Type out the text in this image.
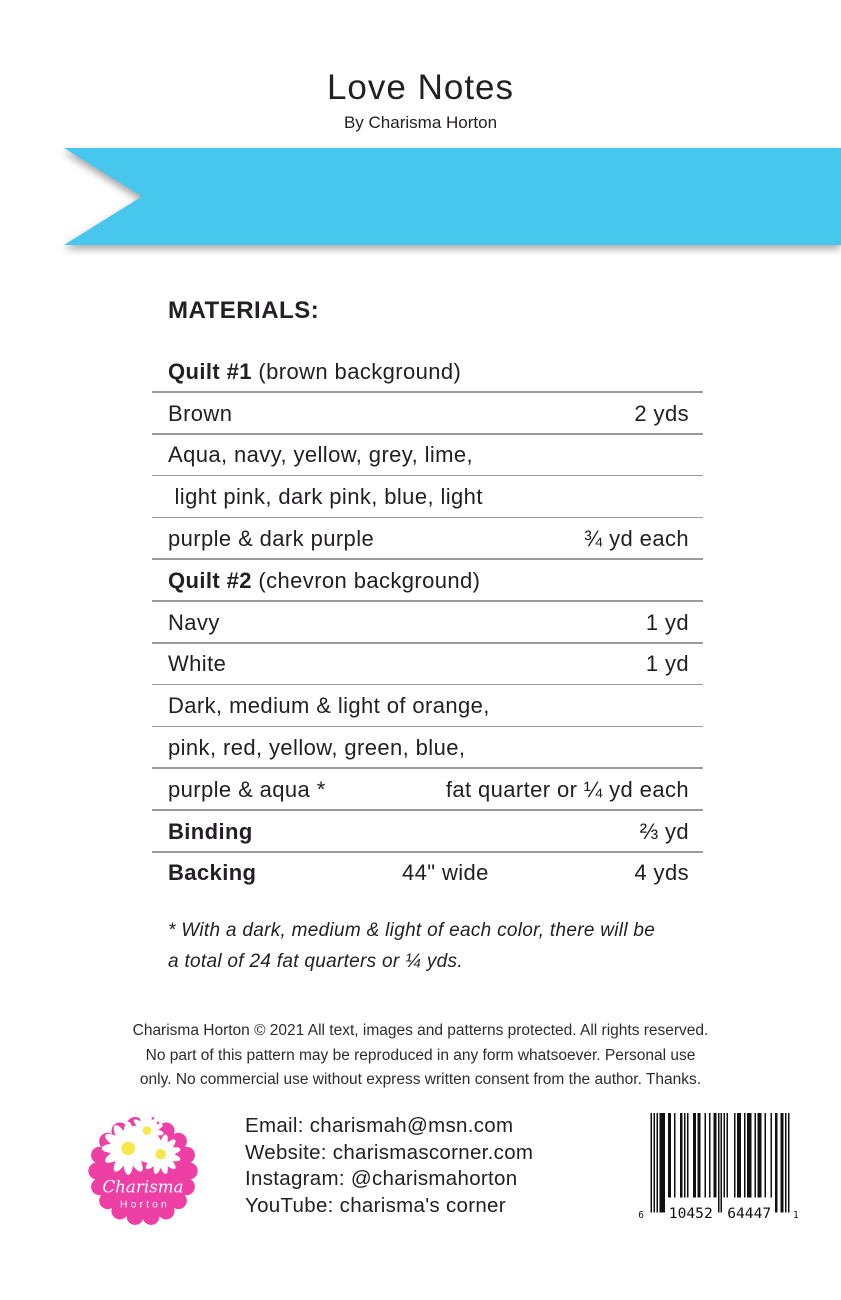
Love Notes
By Charisma Horton
MATERIALS:
Quilt #1 (brown background)
Brown	2 yds
Aqua, navy, yellow, grey, lime,
light pink, dark pink, blue, light
purple & dark purple	¾ yd each
Quilt #2 (chevron background)
Navy	1 yd
White	1 yd
Dark, medium & light of orange,
pink, red, yellow, green, blue,
purple & aqua *	fat quarter or ¼ yd each
Binding	⅔ yd
Backing	44" wide	4 yds
* With a dark, medium & light of each color, there will be
a total of 24 fat quarters or ¼ yds.
Charisma Horton © 2021 All text, images and patterns protected. All rights reserved.
No part of this pattern may be reproduced in any form whatsoever. Personal use
only. No commercial use without express written consent from the author. Thanks.
Charisma
Horton
Email: charismah@msn.com
Website: charismascorner.com
Instagram: @charismahorton
YouTube: charisma's corner	6 10452 64447	1
